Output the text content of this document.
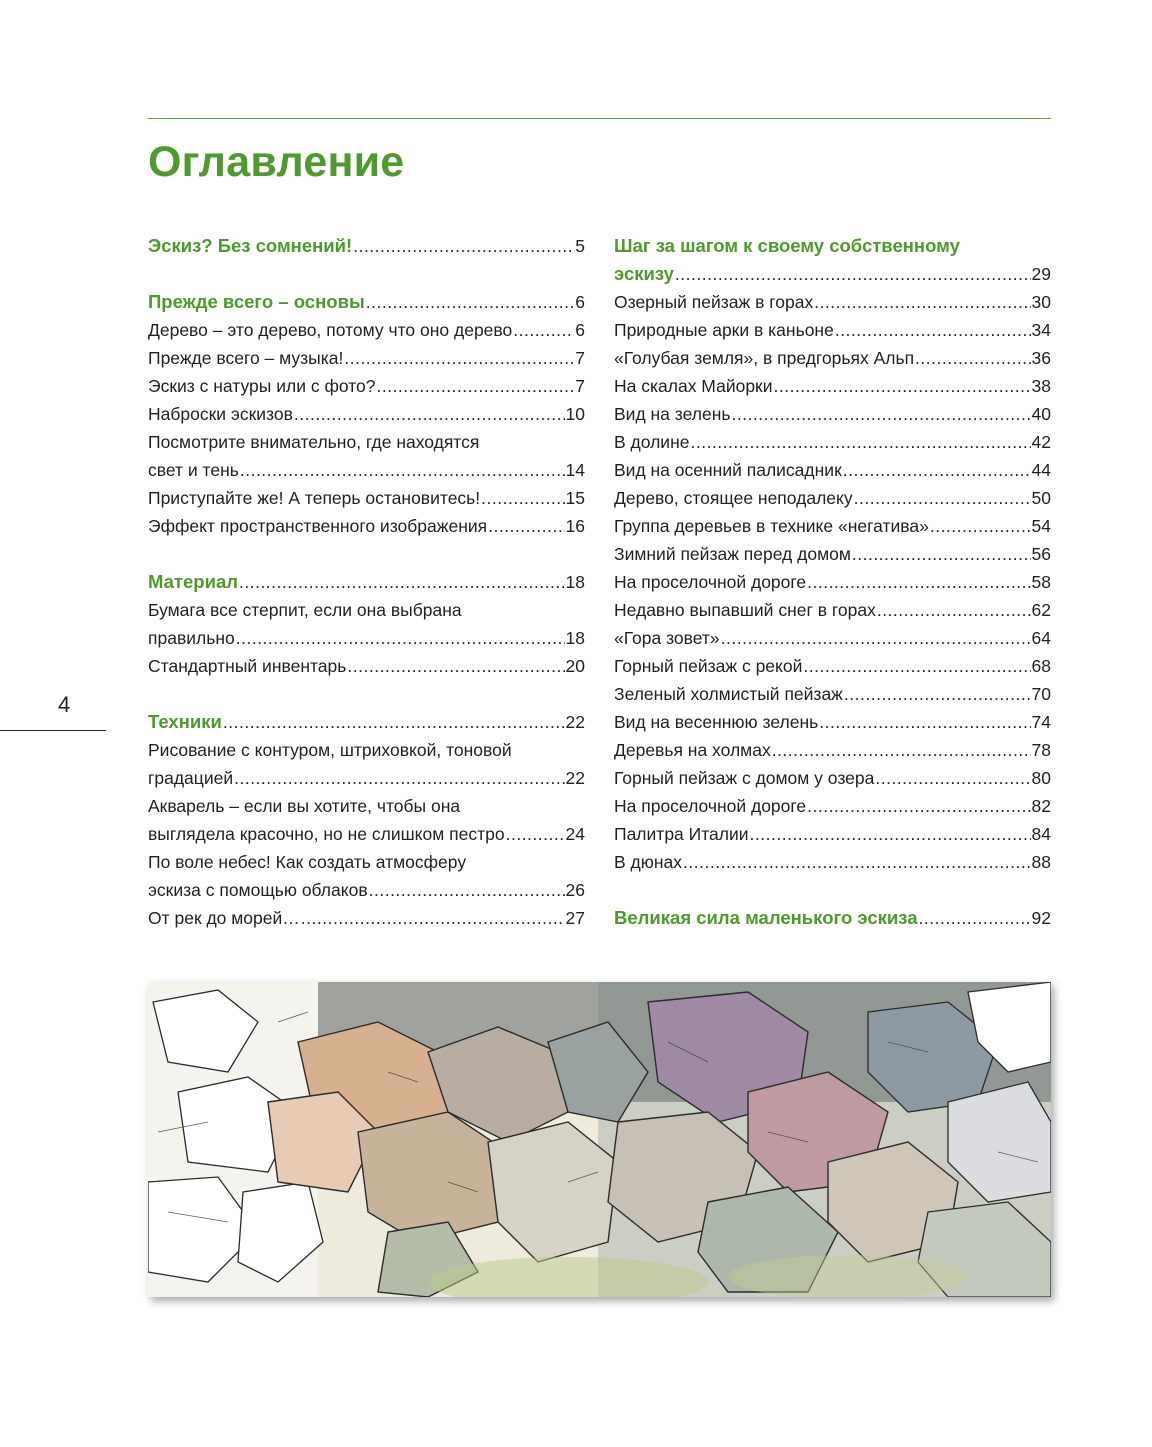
Оглавление
Эскиз? Без сомнений! .....	5
Прежде всего – основы .....	6
Дерево – это дерево, потому что оно дерево .....	6
Прежде всего – музыка! .....	7
Эскиз с натуры или с фото? .....	7
Наброски эскизов .....	10
Посмотрите внимательно, где находятся
свет и тень .....	14
Приступайте же! А теперь остановитесь! .....	15
Эффект пространственного изображения .....	16
Материал .....	18
Бумага все стерпит, если она выбрана
правильно .....	18
Стандартный инвентарь .....	20
Техники .....	22
Рисование с контуром, штриховкой, тоновой
градацией .....	22
Акварель – если вы хотите, чтобы она
выглядела красочно, но не слишком пестро .....	24
По воле небес! Как создать атмосферу
эскиза с помощью облаков .....	26
От рек до морей… .....	27
Шаг за шагом к своему собственному
эскизу .....	29
Озерный пейзаж в горах .....	30
Природные арки в каньоне .....	34
«Голубая земля», в предгорьях Альп .....	36
На скалах Майорки .....	38
Вид на зелень .....	40
В долине .....	42
Вид на осенний палисадник .....	44
Дерево, стоящее неподалеку .....	50
Группа деревьев в технике «негатива» .....	54
Зимний пейзаж перед домом .....	56
На проселочной дороге .....	58
Недавно выпавший снег в горах .....	62
«Гора зовет» .....	64
Горный пейзаж с рекой .....	68
Зеленый холмистый пейзаж .....	70
Вид на весеннюю зелень .....	74
Деревья на холмах .....	78
Горный пейзаж с домом у озера .....	80
На проселочной дороге .....	82
Палитра Италии .....	84
В дюнах .....	88
Великая сила маленького эскиза .....	92
4
